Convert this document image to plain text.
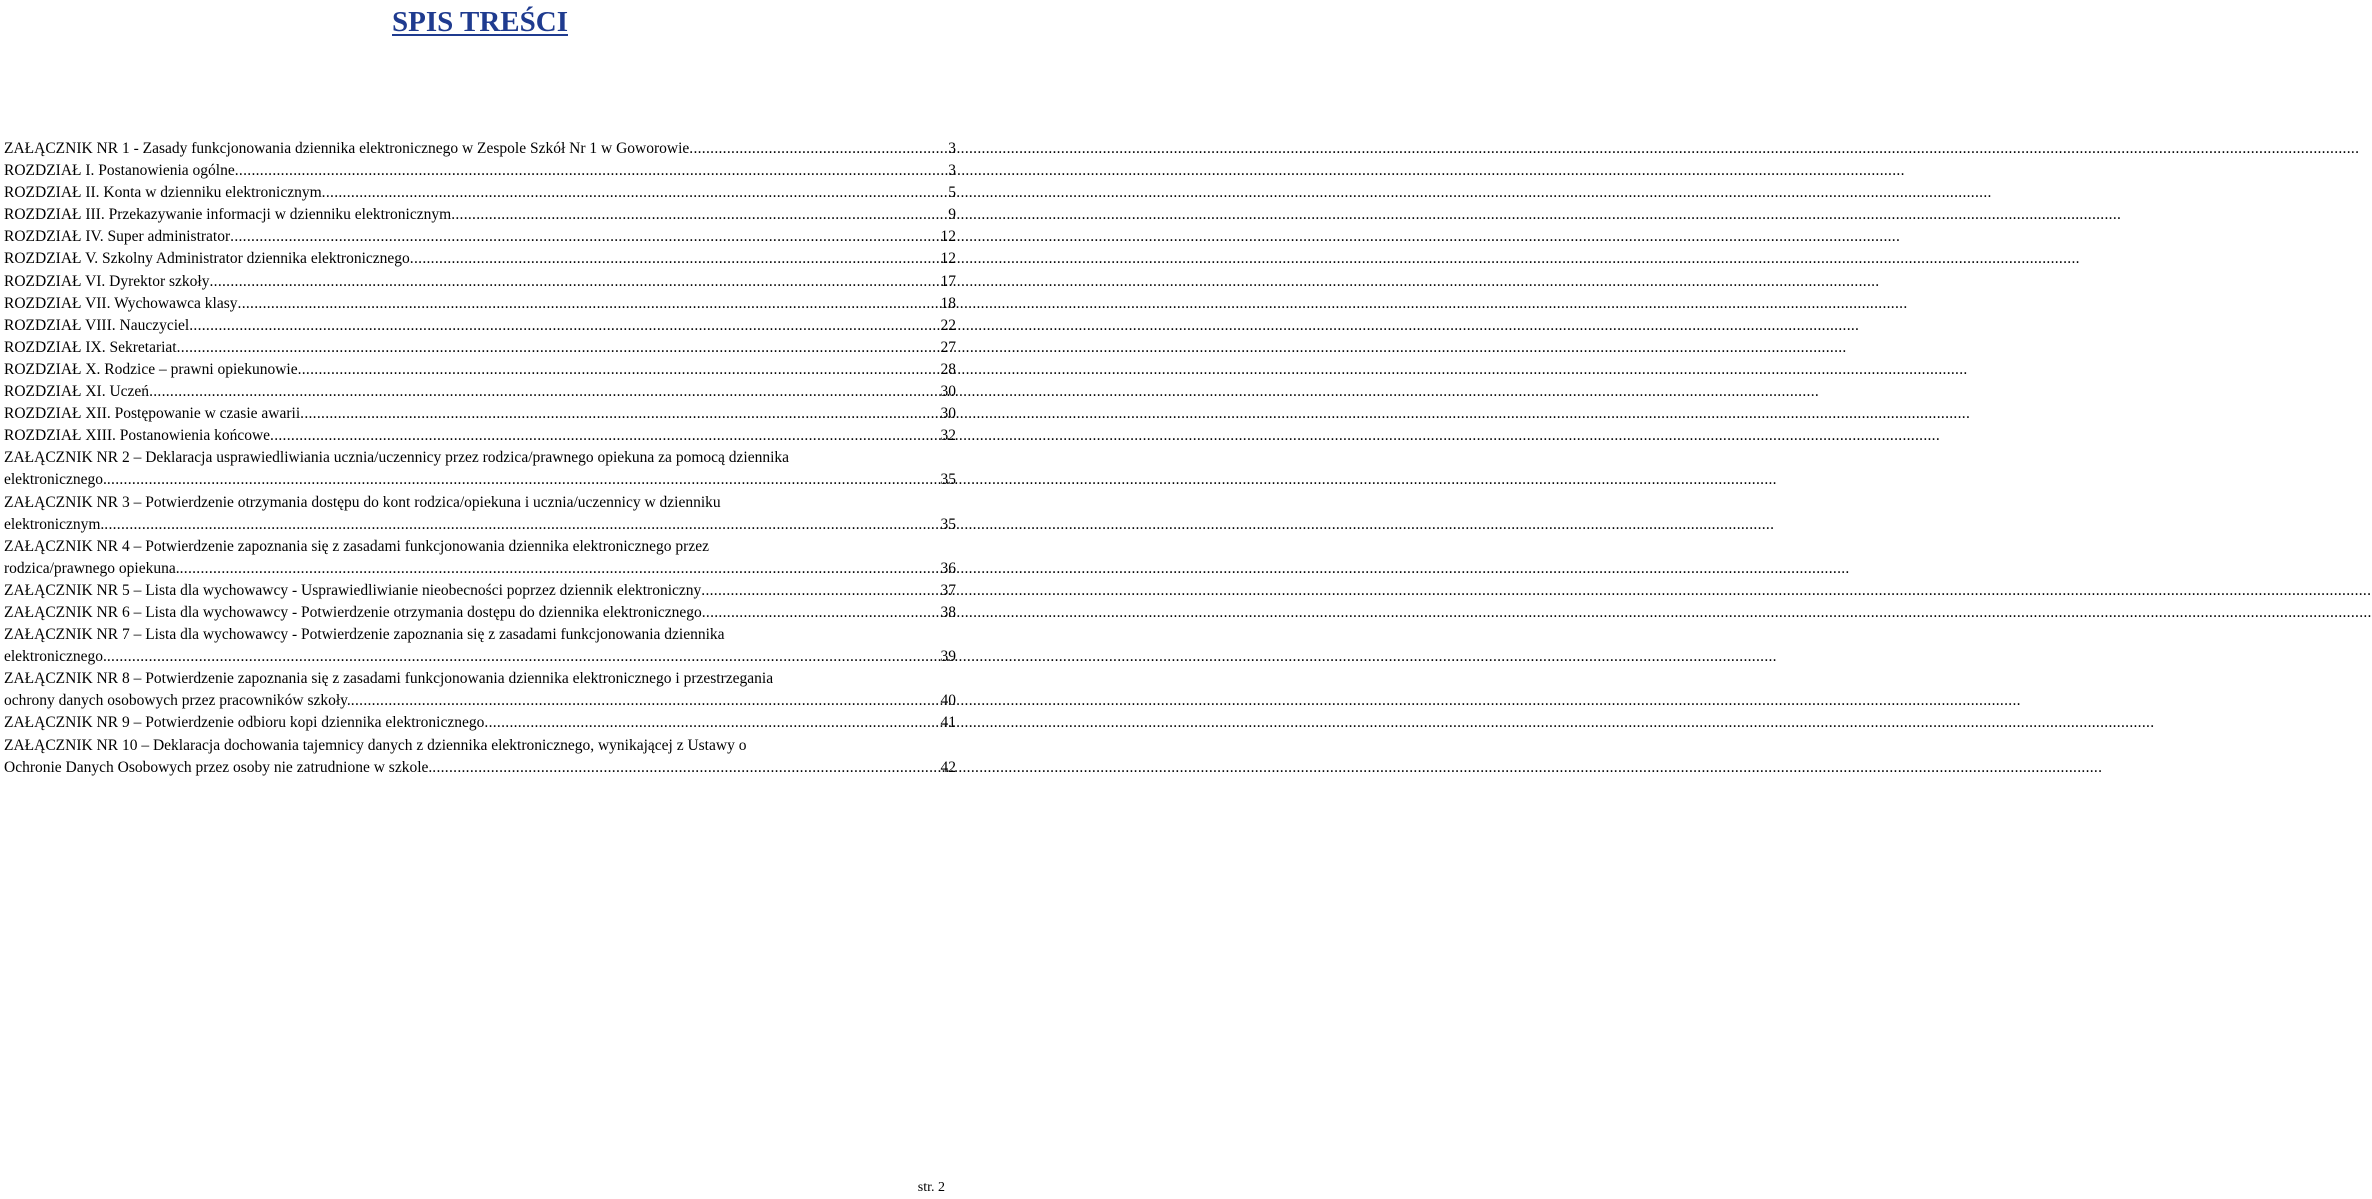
SPIS TREŚCI
ZAŁĄCZNIK NR 1 - Zasady funkcjonowania dziennika elektronicznego w Zespole Szkół Nr 1 w Goworowie .....	3
ROZDZIAŁ I. Postanowienia ogólne .....	3
ROZDZIAŁ II. Konta w dzienniku elektronicznym .....	5
ROZDZIAŁ III. Przekazywanie informacji w dzienniku elektronicznym .....	9
ROZDZIAŁ IV. Super administrator .....	12
ROZDZIAŁ V. Szkolny Administrator dziennika elektronicznego .....	12
ROZDZIAŁ VI. Dyrektor szkoły .....	17
ROZDZIAŁ VII. Wychowawca klasy .....	18
ROZDZIAŁ VIII. Nauczyciel .....	22
ROZDZIAŁ IX. Sekretariat .....	27
ROZDZIAŁ X. Rodzice – prawni opiekunowie .....	28
ROZDZIAŁ XI. Uczeń .....	30
ROZDZIAŁ XII. Postępowanie w czasie awarii .....	30
ROZDZIAŁ XIII. Postanowienia końcowe .....	32
ZAŁĄCZNIK NR 2 – Deklaracja usprawiedliwiania ucznia/uczennicy przez rodzica/prawnego opiekuna za pomocą dziennika
elektronicznego. .....	35
ZAŁĄCZNIK NR 3 – Potwierdzenie otrzymania dostępu do kont rodzica/opiekuna i ucznia/uczennicy w dzienniku
elektronicznym. .....	35
ZAŁĄCZNIK NR 4 – Potwierdzenie zapoznania się z zasadami funkcjonowania dziennika elektronicznego przez
rodzica/prawnego opiekuna. .....	36
ZAŁĄCZNIK NR 5 – Lista dla wychowawcy - Usprawiedliwianie nieobecności poprzez dziennik elektroniczny .....	37
ZAŁĄCZNIK NR 6 – Lista dla wychowawcy - Potwierdzenie otrzymania dostępu do dziennika elektronicznego .....	38
ZAŁĄCZNIK NR 7 – Lista dla wychowawcy - Potwierdzenie zapoznania się z zasadami funkcjonowania dziennika
elektronicznego. .....	39
ZAŁĄCZNIK NR 8 – Potwierdzenie zapoznania się z zasadami funkcjonowania dziennika elektronicznego i przestrzegania
ochrony danych osobowych przez pracowników szkoły. .....	40
ZAŁĄCZNIK NR 9 – Potwierdzenie odbioru kopi dziennika elektronicznego .....	41
ZAŁĄCZNIK NR 10 – Deklaracja dochowania tajemnicy danych z dziennika elektronicznego, wynikającej z Ustawy o
Ochronie Danych Osobowych przez osoby nie zatrudnione w szkole. .....	42
str. 2
